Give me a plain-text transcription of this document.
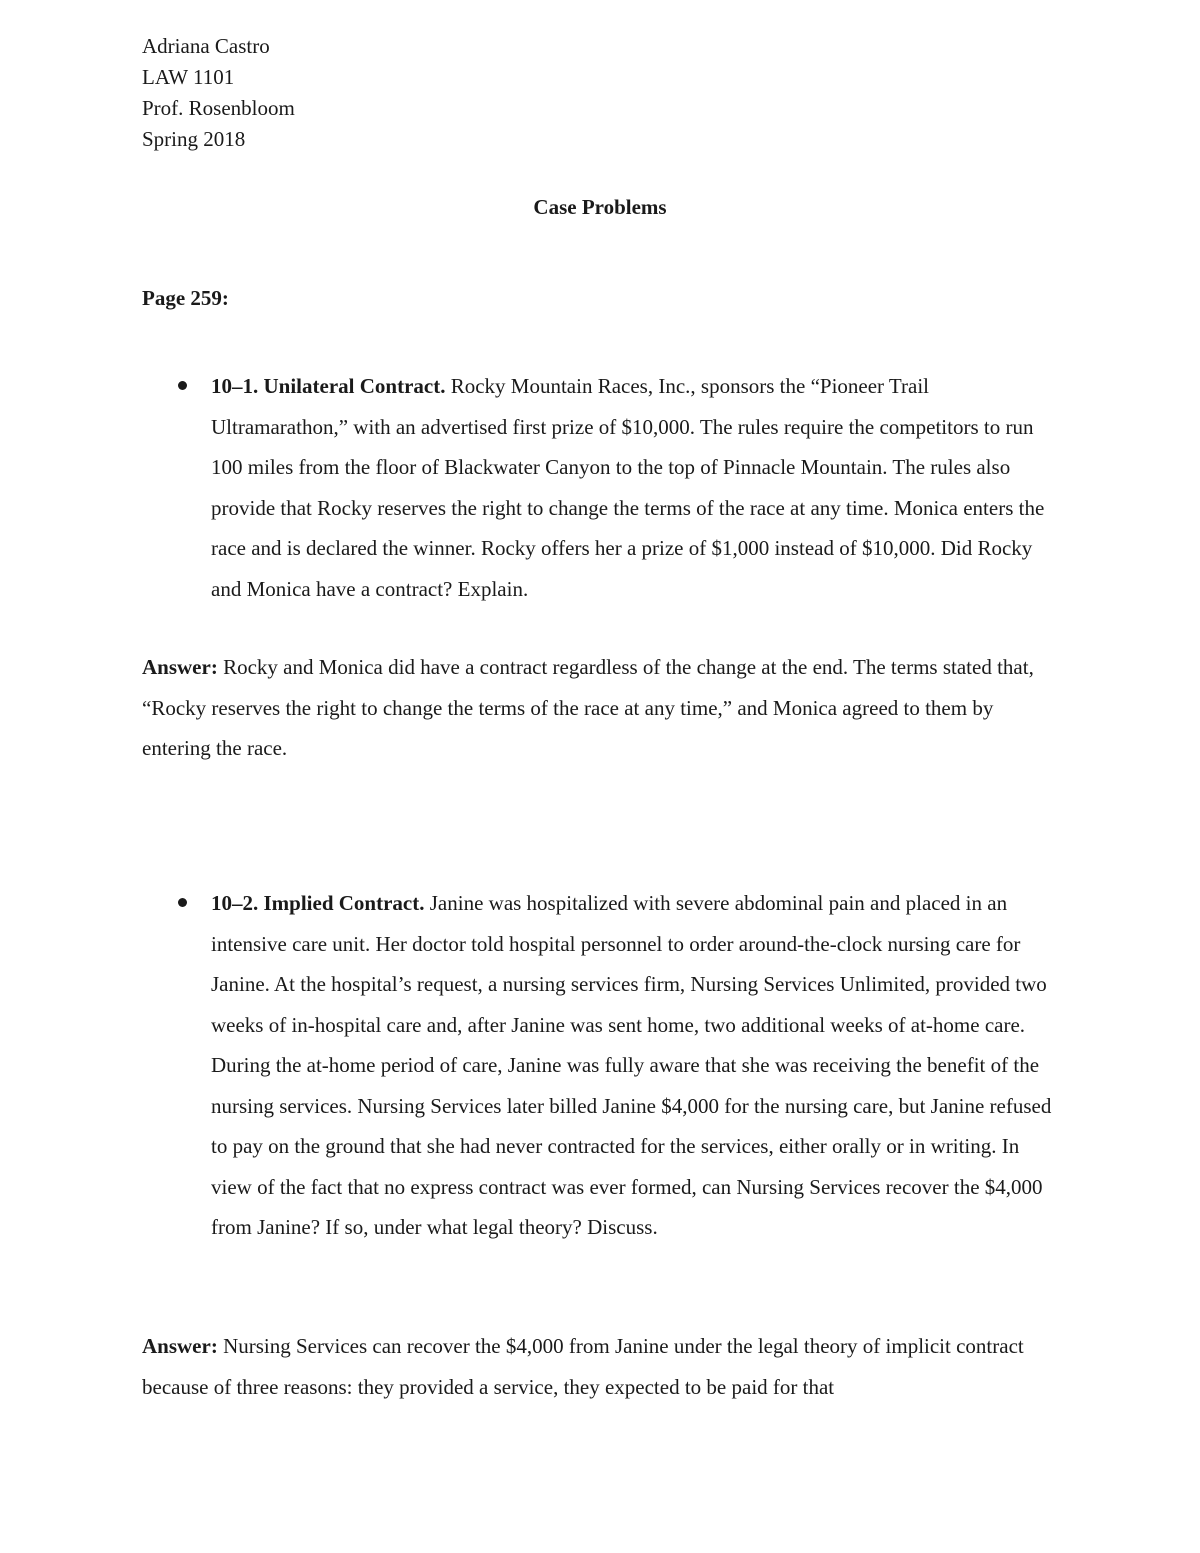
Adriana Castro
LAW 1101
Prof. Rosenbloom
Spring 2018
Case Problems
Page 259:
10–1. Unilateral Contract. Rocky Mountain Races, Inc., sponsors the “Pioneer Trail Ultramarathon,” with an advertised first prize of $10,000. The rules require the competitors to run 100 miles from the floor of Blackwater Canyon to the top of Pinnacle Mountain. The rules also provide that Rocky reserves the right to change the terms of the race at any time. Monica enters the race and is declared the winner. Rocky offers her a prize of $1,000 instead of $10,000. Did Rocky and Monica have a contract? Explain.
Answer: Rocky and Monica did have a contract regardless of the change at the end. The terms stated that, “Rocky reserves the right to change the terms of the race at any time,” and Monica agreed to them by entering the race.
10–2. Implied Contract. Janine was hospitalized with severe abdominal pain and placed in an intensive care unit. Her doctor told hospital personnel to order around-the-clock nursing care for Janine. At the hospital’s request, a nursing services firm, Nursing Services Unlimited, provided two weeks of in-hospital care and, after Janine was sent home, two additional weeks of at-home care. During the at-home period of care, Janine was fully aware that she was receiving the benefit of the nursing services. Nursing Services later billed Janine $4,000 for the nursing care, but Janine refused to pay on the ground that she had never contracted for the services, either orally or in writing. In view of the fact that no express contract was ever formed, can Nursing Services recover the $4,000 from Janine? If so, under what legal theory? Discuss.
Answer: Nursing Services can recover the $4,000 from Janine under the legal theory of implicit contract because of three reasons: they provided a service, they expected to be paid for that
